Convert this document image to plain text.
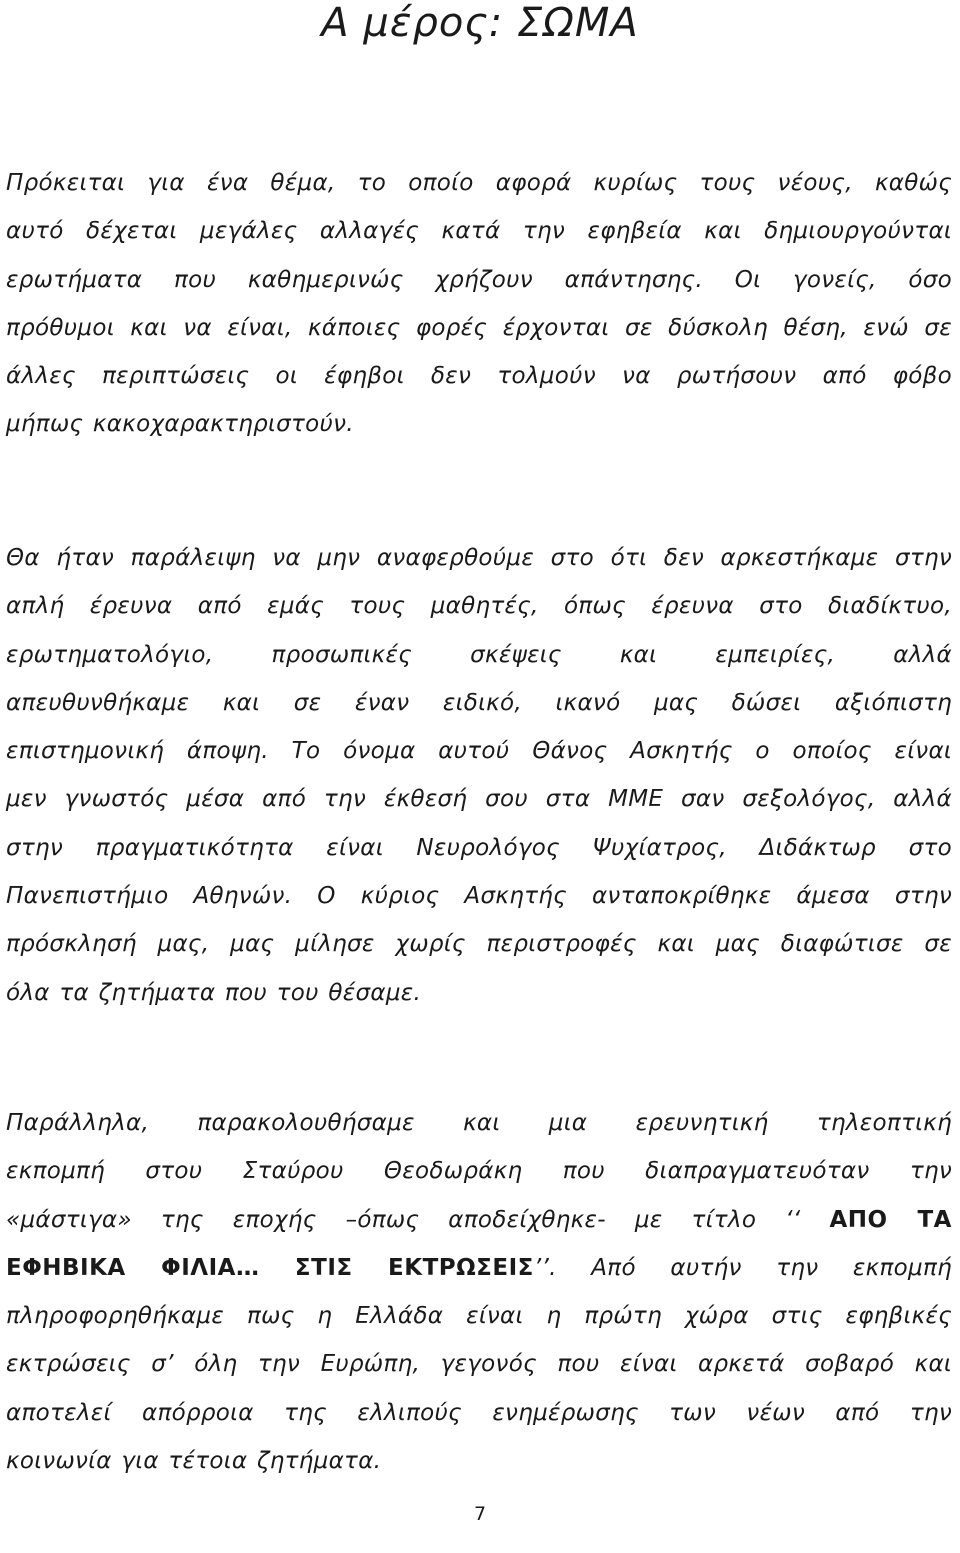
Α μέρος: ΣΩΜΑ

Πρόκειται για ένα θέμα, το οποίο αφορά κυρίως τους νέους, καθώς
αυτό δέχεται μεγάλες αλλαγές κατά την εφηβεία και δημιουργούνται
ερωτήματα που καθημερινώς χρήζουν απάντησης. Οι γονείς, όσο
πρόθυμοι και να είναι, κάποιες φορές έρχονται σε δύσκολη θέση, ενώ σε
άλλες περιπτώσεις οι έφηβοι δεν τολμούν να ρωτήσουν από φόβο
μήπως κακοχαρακτηριστούν.

Θα ήταν παράλειψη να μην αναφερθούμε στο ότι δεν αρκεστήκαμε στην
απλή έρευνα από εμάς τους μαθητές, όπως έρευνα στο διαδίκτυο,
ερωτηματολόγιο, προσωπικές σκέψεις και εμπειρίες, αλλά
απευθυνθήκαμε και σε έναν ειδικό, ικανό μας δώσει αξιόπιστη
επιστημονική άποψη. Το όνομα αυτού Θάνος Ασκητής ο οποίος είναι
μεν γνωστός μέσα από την έκθεσή σου στα ΜΜΕ σαν σεξολόγος, αλλά
στην πραγματικότητα είναι Νευρολόγος Ψυχίατρος, Διδάκτωρ στο
Πανεπιστήμιο Αθηνών. Ο κύριος Ασκητής ανταποκρίθηκε άμεσα στην
πρόσκλησή μας, μας μίλησε χωρίς περιστροφές και μας διαφώτισε σε
όλα τα ζητήματα που του θέσαμε.

Παράλληλα, παρακολουθήσαμε και μια ερευνητική τηλεοπτική
εκπομπή στου Σταύρου Θεοδωράκη που διαπραγματευόταν την
«μάστιγα» της εποχής –όπως αποδείχθηκε- με τίτλο ‘‘ ΑΠΟ ΤΑ
ΕΦΗΒΙΚΑ ΦΙΛΙΑ… ΣΤΙΣ ΕΚΤΡΩΣΕΙΣ’’. Από αυτήν την εκπομπή
πληροφορηθήκαμε πως η Ελλάδα είναι η πρώτη χώρα στις εφηβικές
εκτρώσεις σ’ όλη την Ευρώπη, γεγονός που είναι αρκετά σοβαρό και
αποτελεί απόρροια της ελλιπούς ενημέρωσης των νέων από την
κοινωνία για τέτοια ζητήματα.

7
